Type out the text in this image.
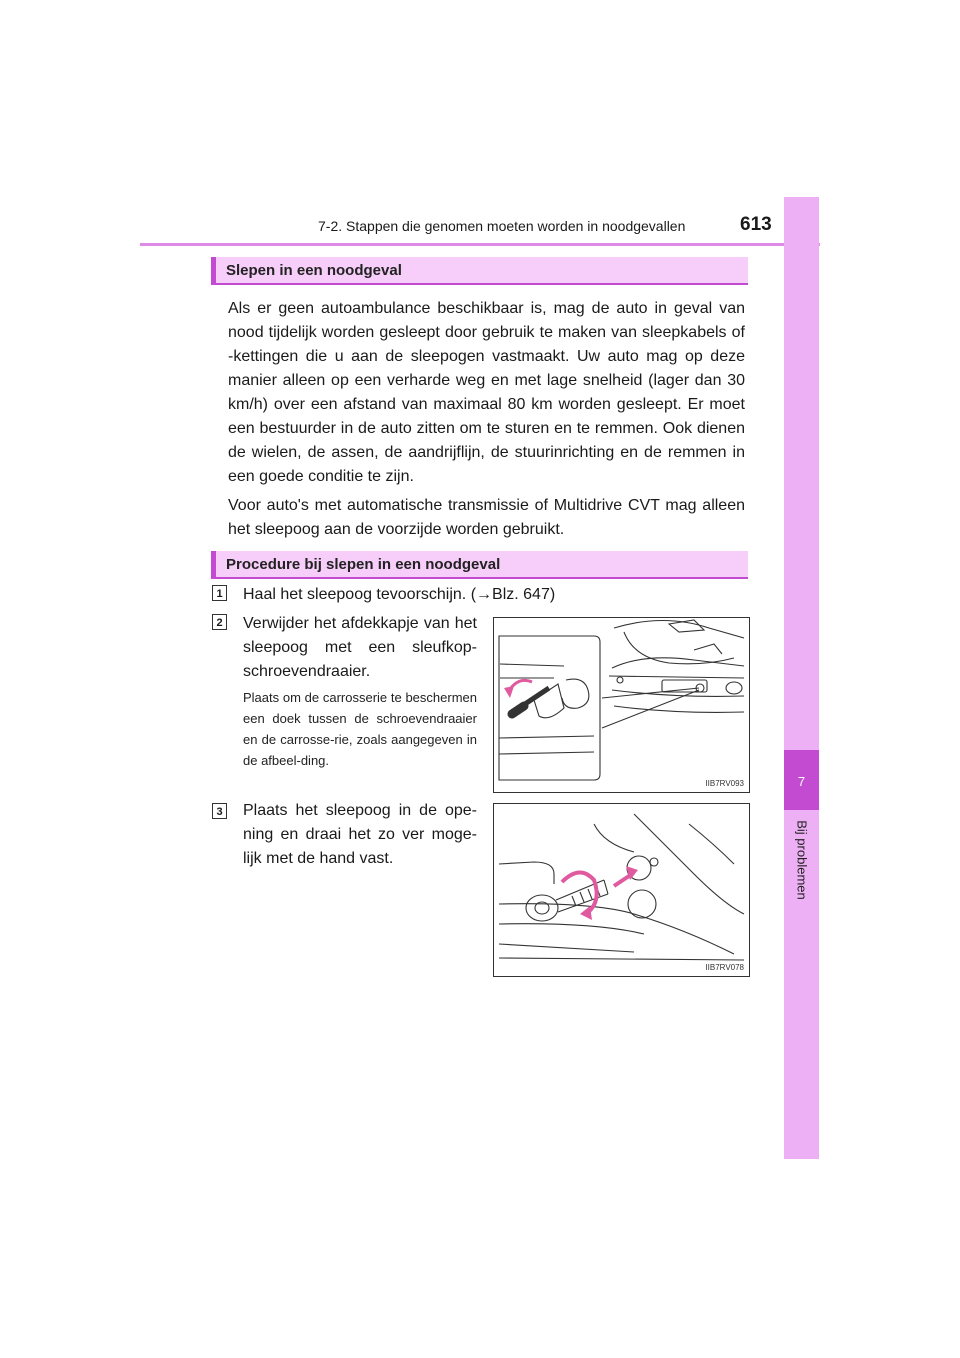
7-2. Stappen die genomen moeten worden in noodgevallen	613
7
Bij problemen
Slepen in een noodgeval
Als er geen autoambulance beschikbaar is, mag de auto in geval van nood tijdelijk worden gesleept door gebruik te maken van sleepkabels of -kettingen die u aan de sleepogen vastmaakt. Uw auto mag op deze manier alleen op een verharde weg en met lage snelheid (lager dan 30 km/h) over een afstand van maximaal 80 km worden gesleept. Er moet een bestuurder in de auto zitten om te sturen en te remmen. Ook dienen de wielen, de assen, de aandrijflijn, de stuurinrichting en de remmen in een goede conditie te zijn.
Voor auto's met automatische transmissie of Multidrive CVT mag alleen het sleepoog aan de voorzijde worden gebruikt.
Procedure bij slepen in een noodgeval
1 Haal het sleepoog tevoorschijn. (→Blz. 647)
2 Verwijder het afdekkapje van het sleepoog met een sleufkop-schroevendraaier.
Plaats om de carrosserie te beschermen een doek tussen de schroevendraaier en de carrosse-rie, zoals aangegeven in de afbeel-ding.
IIB7RV093
3 Plaats het sleepoog in de ope-ning en draai het zo ver moge-lijk met de hand vast.
IIB7RV078
